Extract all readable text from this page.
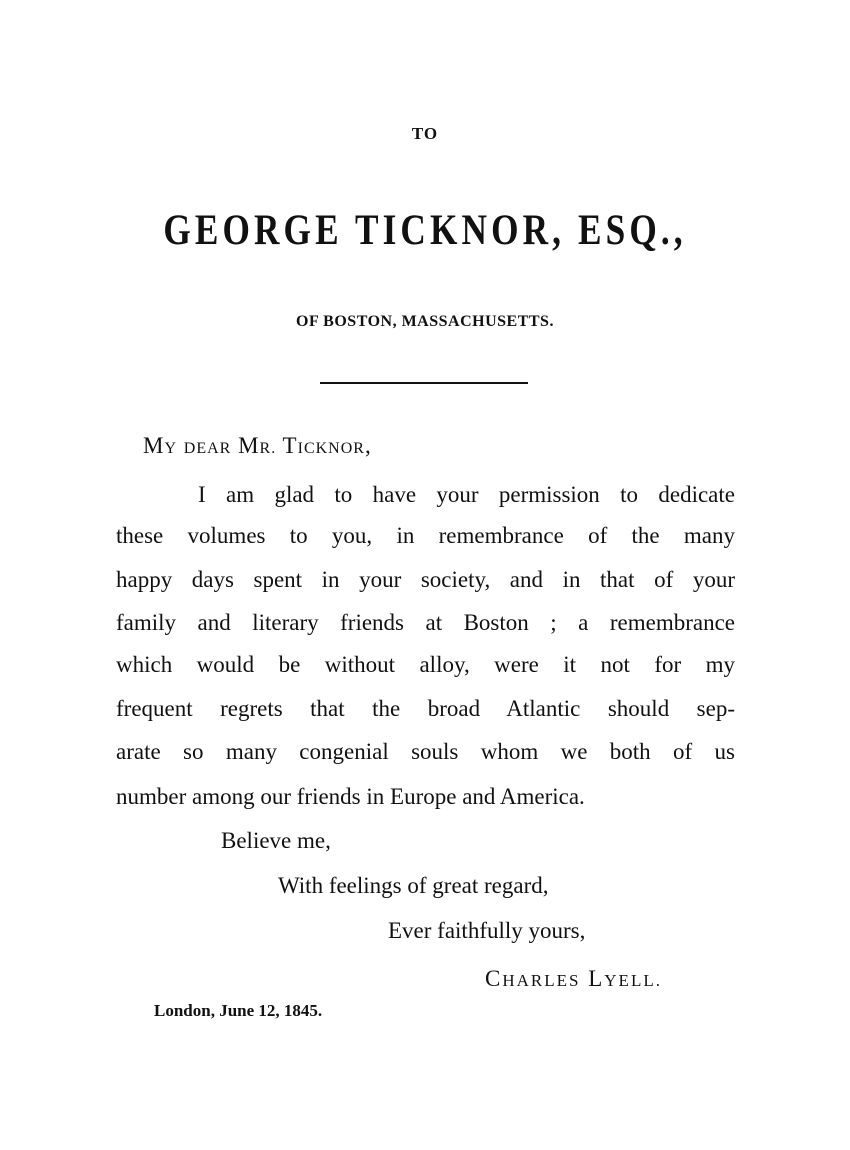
TO
GEORGE TICKNOR, ESQ.,
OF BOSTON, MASSACHUSETTS.
MY DEAR MR. TICKNOR,
I am glad to have your permission to dedicate
these volumes to you, in remembrance of the many
happy days spent in your society, and in that of your
family and literary friends at Boston ; a remembrance
which would be without alloy, were it not for my
frequent regrets that the broad Atlantic should sep-
arate so many congenial souls whom we both of us
number among our friends in Europe and America.
Believe me,
With feelings of great regard,
Ever faithfully yours,
CHARLES LYELL.
London, June 12, 1845.
